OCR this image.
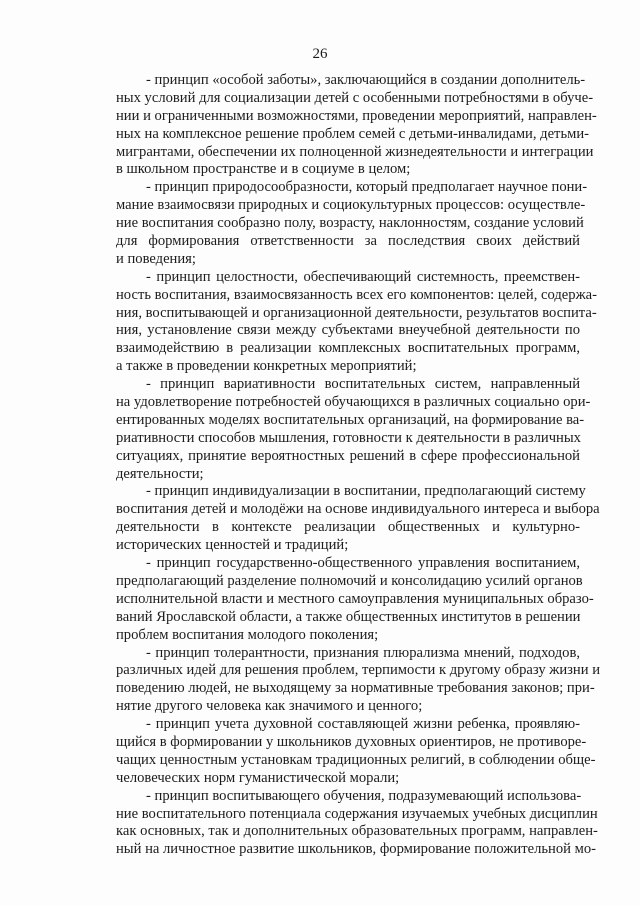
26
- принцип «особой заботы», заключающийся в создании дополнитель-
ных условий для социализации детей с особенными потребностями в обуче-
нии и ограниченными возможностями, проведении мероприятий, направлен-
ных на комплексное решение проблем семей с детьми-инвалидами, детьми-
мигрантами, обеспечении их полноценной жизнедеятельности и интеграции
в школьном пространстве и в социуме в целом;
- принцип природосообразности, который предполагает научное пони-
мание взаимосвязи природных и социокультурных процессов: осуществле-
ние воспитания сообразно полу, возрасту, наклонностям, создание условий
для формирования ответственности за последствия своих действий
и поведения;
- принцип целостности, обеспечивающий системность, преемствен-
ность воспитания, взаимосвязанность всех его компонентов: целей, содержа-
ния, воспитывающей и организационной деятельности, результатов воспита-
ния, установление связи между субъектами внеучебной деятельности по
взаимодействию в реализации комплексных воспитательных программ,
а также в проведении конкретных мероприятий;
- принцип вариативности воспитательных систем, направленный
на удовлетворение потребностей обучающихся в различных социально ори-
ентированных моделях воспитательных организаций, на формирование ва-
риативности способов мышления, готовности к деятельности в различных
ситуациях, принятие вероятностных решений в сфере профессиональной
деятельности;
- принцип индивидуализации в воспитании, предполагающий систему
воспитания детей и молодёжи на основе индивидуального интереса и выбора
деятельности в контексте реализации общественных и культурно-
исторических ценностей и традиций;
- принцип государственно-общественного управления воспитанием,
предполагающий разделение полномочий и консолидацию усилий органов
исполнительной власти и местного самоуправления муниципальных образо-
ваний Ярославской области, а также общественных институтов в решении
проблем воспитания молодого поколения;
- принцип толерантности, признания плюрализма мнений, подходов,
различных идей для решения проблем, терпимости к другому образу жизни и
поведению людей, не выходящему за нормативные требования законов; при-
нятие другого человека как значимого и ценного;
- принцип учета духовной составляющей жизни ребенка, проявляю-
щийся в формировании у школьников духовных ориентиров, не противоре-
чащих ценностным установкам традиционных религий, в соблюдении обще-
человеческих норм гуманистической морали;
- принцип воспитывающего обучения, подразумевающий использова-
ние воспитательного потенциала содержания изучаемых учебных дисциплин
как основных, так и дополнительных образовательных программ, направлен-
ный на личностное развитие школьников, формирование положительной мо-
